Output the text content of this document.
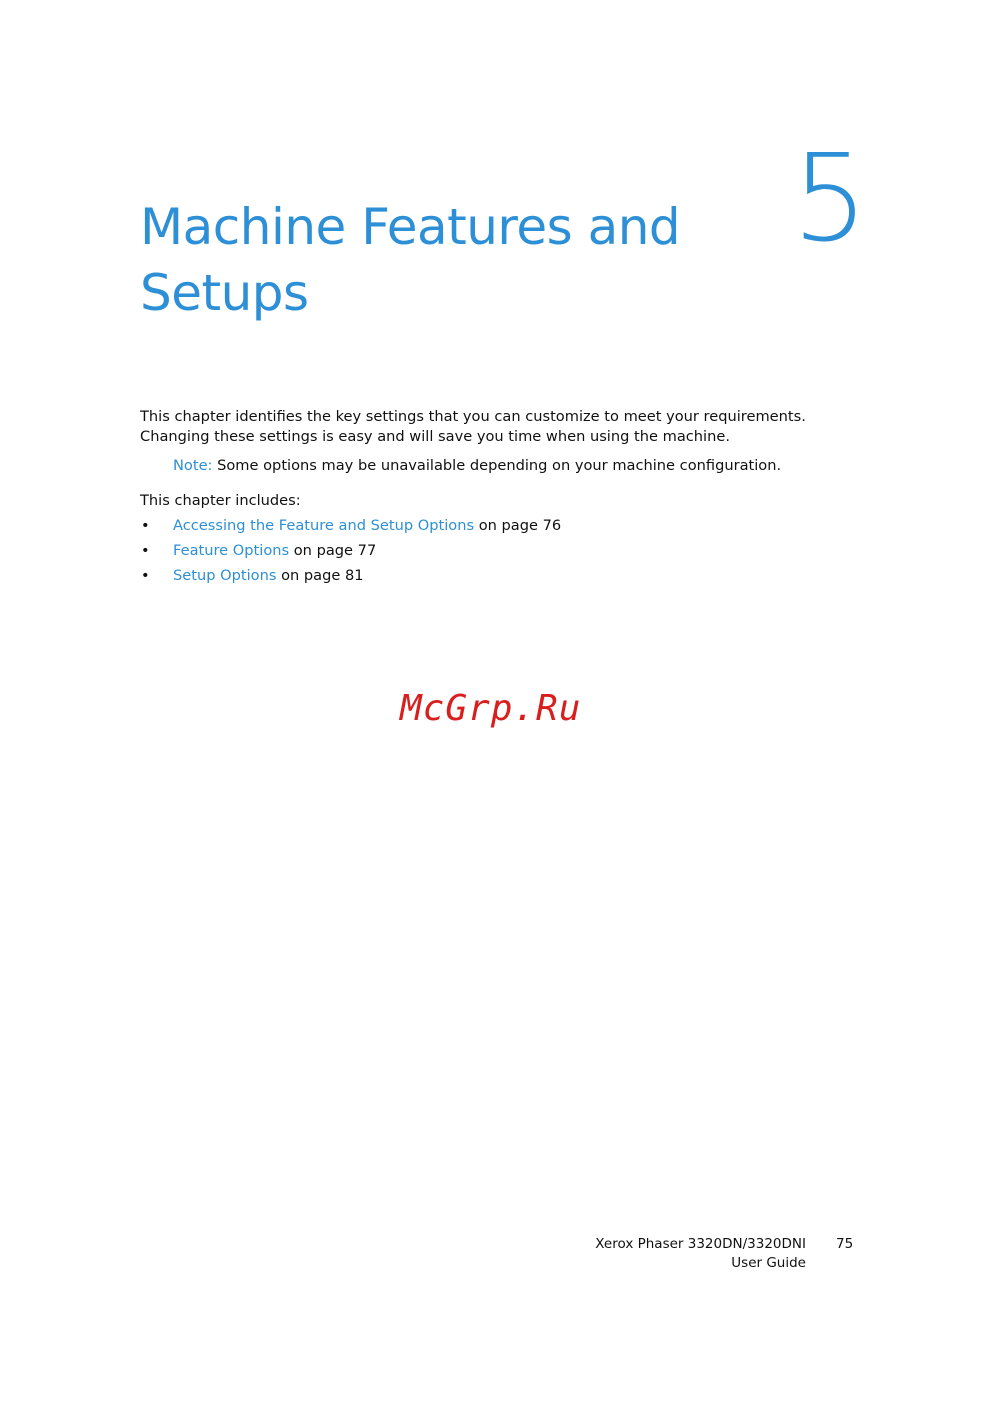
5
Machine Features and Setups

This chapter identifies the key settings that you can customize to meet your requirements. Changing these settings is easy and will save you time when using the machine.

Note: Some options may be unavailable depending on your machine configuration.

This chapter includes:

• Accessing the Feature and Setup Options on page 76
• Feature Options on page 77
• Setup Options on page 81
McGrp.Ru
Xerox Phaser 3320DN/3320DNI
User Guide
75
